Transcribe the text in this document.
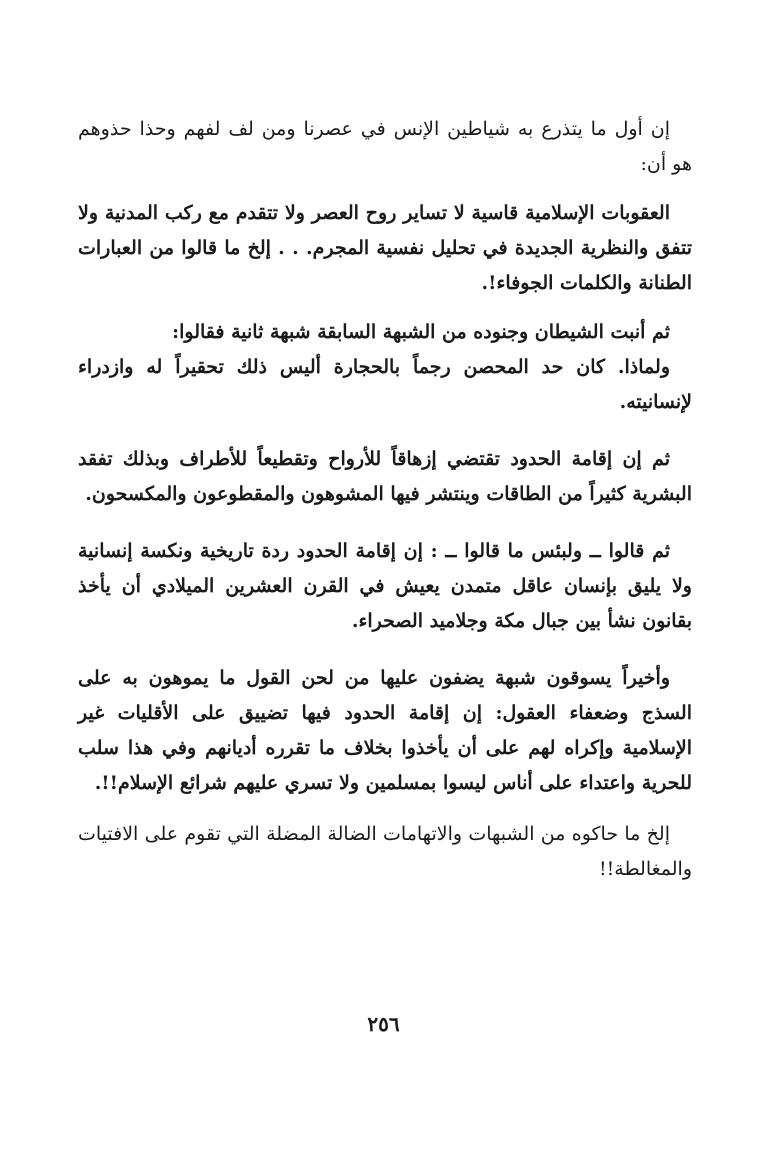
إن أول ما يتذرع به شياطين الإنس في عصرنا ومن لف لفهم وحذا حذوهم هو أن:

العقوبات الإسلامية قاسية لا تساير روح العصر ولا تتقدم مع ركب المدنية ولا تتفق والنظرية الجديدة في تحليل نفسية المجرم. . . إلخ ما قالوا من العبارات الطنانة والكلمات الجوفاء!.

ثم أنبت الشيطان وجنوده من الشبهة السابقة شبهة ثانية فقالوا:

ولماذا. كان حد المحصن رجماً بالحجارة أليس ذلك تحقيراً له وازدراء لإنسانيته.

ثم إن إقامة الحدود تقتضي إزهاقاً للأرواح وتقطيعاً للأطراف وبذلك تفقد البشرية كثيراً من الطاقات وينتشر فيها المشوهون والمقطوعون والمكسحون.

ثم قالوا ــ ولبئس ما قالوا ــ : إن إقامة الحدود ردة تاريخية ونكسة إنسانية ولا يليق بإنسان عاقل متمدن يعيش في القرن العشرين الميلادي أن يأخذ بقانون نشأ بين جبال مكة وجلاميد الصحراء.

وأخيراً يسوقون شبهة يضفون عليها من لحن القول ما يموهون به على السذج وضعفاء العقول: إن إقامة الحدود فيها تضييق على الأقليات غير الإسلامية وإكراه لهم على أن يأخذوا بخلاف ما تقرره أديانهم وفي هذا سلب للحرية واعتداء على أناس ليسوا بمسلمين ولا تسري عليهم شرائع الإسلام!!.

إلخ ما حاكوه من الشبهات والاتهامات الضالة المضلة التي تقوم على الافتيات والمغالطة!!

٢٥٦
